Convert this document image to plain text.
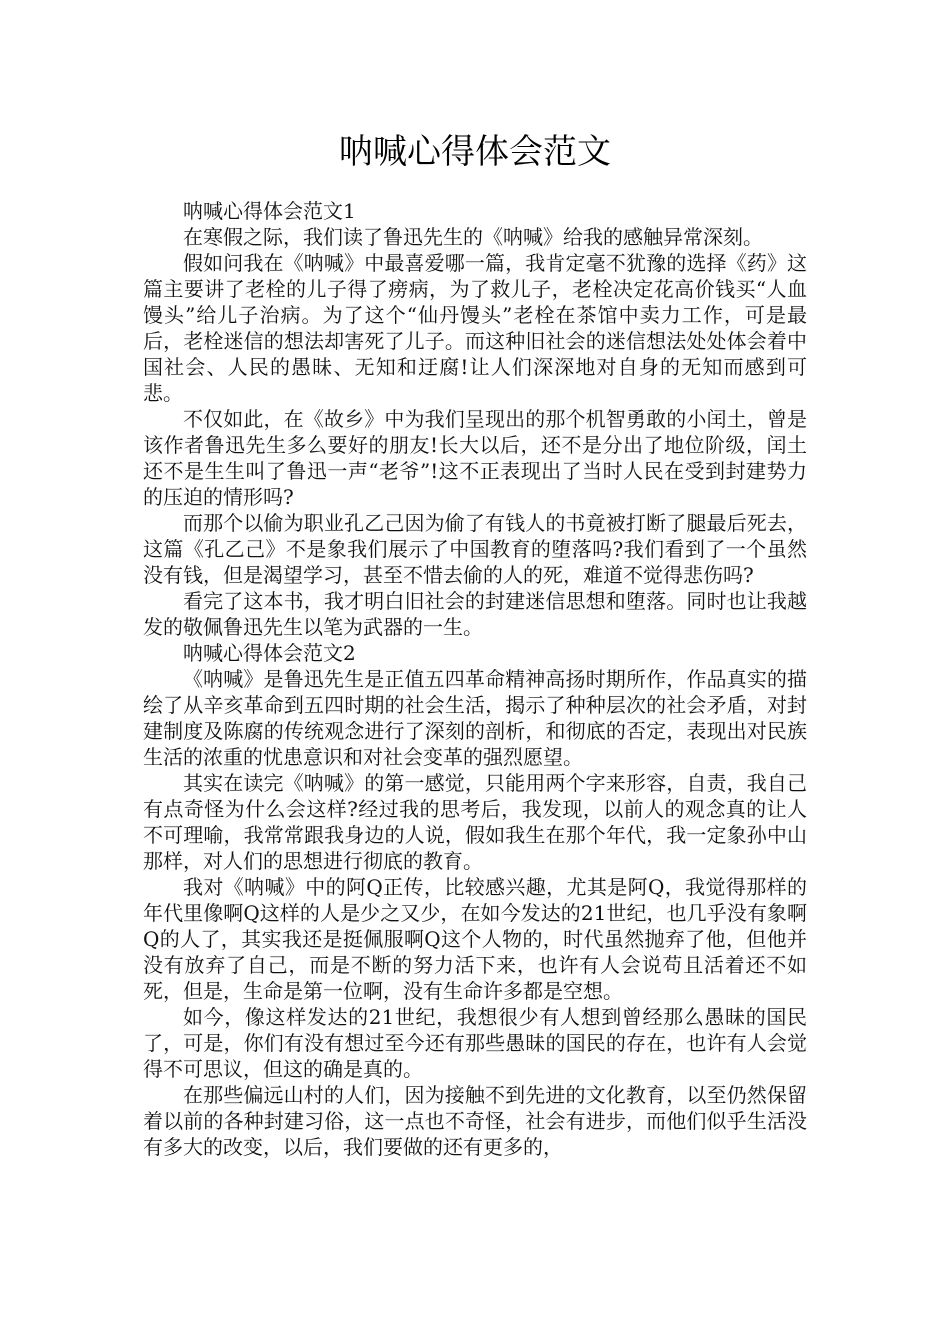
呐喊心得体会范文

呐喊心得体会范文1

在寒假之际，我们读了鲁迅先生的《呐喊》给我的感触异常深刻。

假如问我在《呐喊》中最喜爱哪一篇，我肯定毫不犹豫的选择《药》这篇主要讲了老栓的儿子得了痨病，为了救儿子，老栓决定花高价钱买“人血馒头”给儿子治病。为了这个“仙丹馒头”老栓在茶馆中卖力工作，可是最后，老栓迷信的想法却害死了儿子。而这种旧社会的迷信想法处处体会着中国社会、人民的愚昧、无知和迂腐!让人们深深地对自身的无知而感到可悲。

不仅如此，在《故乡》中为我们呈现出的那个机智勇敢的小闰土，曾是该作者鲁迅先生多么要好的朋友!长大以后，还不是分出了地位阶级，闰土还不是生生叫了鲁迅一声“老爷”!这不正表现出了当时人民在受到封建势力的压迫的情形吗?

而那个以偷为职业孔乙己因为偷了有钱人的书竟被打断了腿最后死去，这篇《孔乙己》不是象我们展示了中国教育的堕落吗?我们看到了一个虽然没有钱，但是渴望学习，甚至不惜去偷的人的死，难道不觉得悲伤吗?

看完了这本书，我才明白旧社会的封建迷信思想和堕落。同时也让我越发的敬佩鲁迅先生以笔为武器的一生。

呐喊心得体会范文2

《呐喊》是鲁迅先生是正值五四革命精神高扬时期所作，作品真实的描绘了从辛亥革命到五四时期的社会生活，揭示了种种层次的社会矛盾，对封建制度及陈腐的传统观念进行了深刻的剖析，和彻底的否定，表现出对民族生活的浓重的忧患意识和对社会变革的强烈愿望。

其实在读完《呐喊》的第一感觉，只能用两个字来形容，自责，我自己有点奇怪为什么会这样?经过我的思考后，我发现，以前人的观念真的让人不可理喻，我常常跟我身边的人说，假如我生在那个年代，我一定象孙中山那样，对人们的思想进行彻底的教育。

我对《呐喊》中的阿Q正传，比较感兴趣，尤其是阿Q，我觉得那样的年代里像啊Q这样的人是少之又少，在如今发达的21世纪，也几乎没有象啊Q的人了，其实我还是挺佩服啊Q这个人物的，时代虽然抛弃了他，但他并没有放弃了自己，而是不断的努力活下来，也许有人会说苟且活着还不如死，但是，生命是第一位啊，没有生命许多都是空想。

如今，像这样发达的21世纪，我想很少有人想到曾经那么愚昧的国民了，可是，你们有没有想过至今还有那些愚昧的国民的存在，也许有人会觉得不可思议，但这的确是真的。

在那些偏远山村的人们，因为接触不到先进的文化教育，以至仍然保留着以前的各种封建习俗，这一点也不奇怪，社会有进步，而他们似乎生活没有多大的改变，以后，我们要做的还有更多的，
